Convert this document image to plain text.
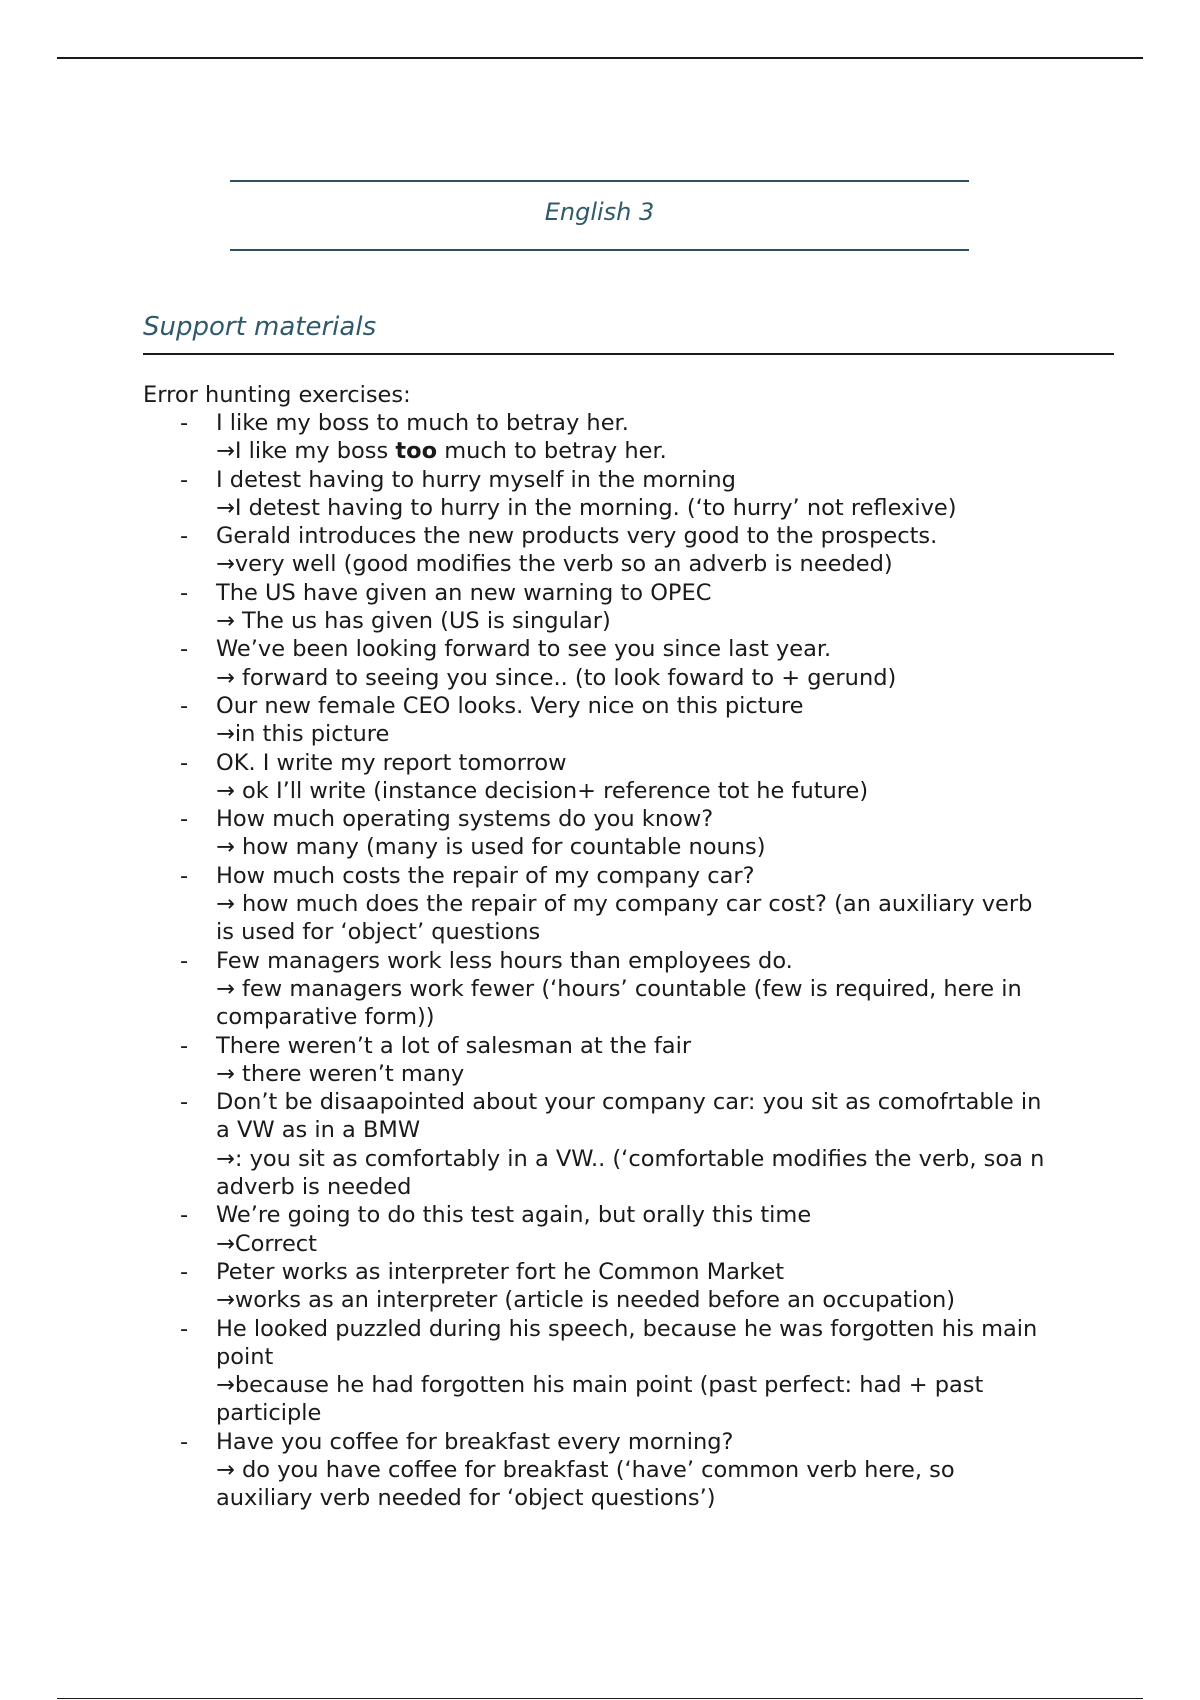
English 3
Support materials
Error hunting exercises:
- I like my boss to much to betray her.
→I like my boss too much to betray her.
- I detest having to hurry myself in the morning
→I detest having to hurry in the morning. (‘to hurry’ not reflexive)
- Gerald introduces the new products very good to the prospects.
→very well (good modifies the verb so an adverb is needed)
- The US have given an new warning to OPEC
→ The us has given (US is singular)
- We’ve been looking forward to see you since last year.
→ forward to seeing you since.. (to look foward to + gerund)
- Our new female CEO looks. Very nice on this picture
→in this picture
- OK. I write my report tomorrow
→ ok I’ll write (instance decision+ reference tot he future)
- How much operating systems do you know?
→ how many (many is used for countable nouns)
- How much costs the repair of my company car?
→ how much does the repair of my company car cost? (an auxiliary verb
is used for ‘object’ questions
- Few managers work less hours than employees do.
→ few managers work fewer (‘hours’ countable (few is required, here in
comparative form))
- There weren’t a lot of salesman at the fair
→ there weren’t many
- Don’t be disaapointed about your company car: you sit as comofrtable in
a VW as in a BMW
→: you sit as comfortably in a VW.. (‘comfortable modifies the verb, soa n
adverb is needed
- We’re going to do this test again, but orally this time
→Correct
- Peter works as interpreter fort he Common Market
→works as an interpreter (article is needed before an occupation)
- He looked puzzled during his speech, because he was forgotten his main
point
→because he had forgotten his main point (past perfect: had + past
participle
- Have you coffee for breakfast every morning?
→ do you have coffee for breakfast (‘have’ common verb here, so
auxiliary verb needed for ‘object questions’)
